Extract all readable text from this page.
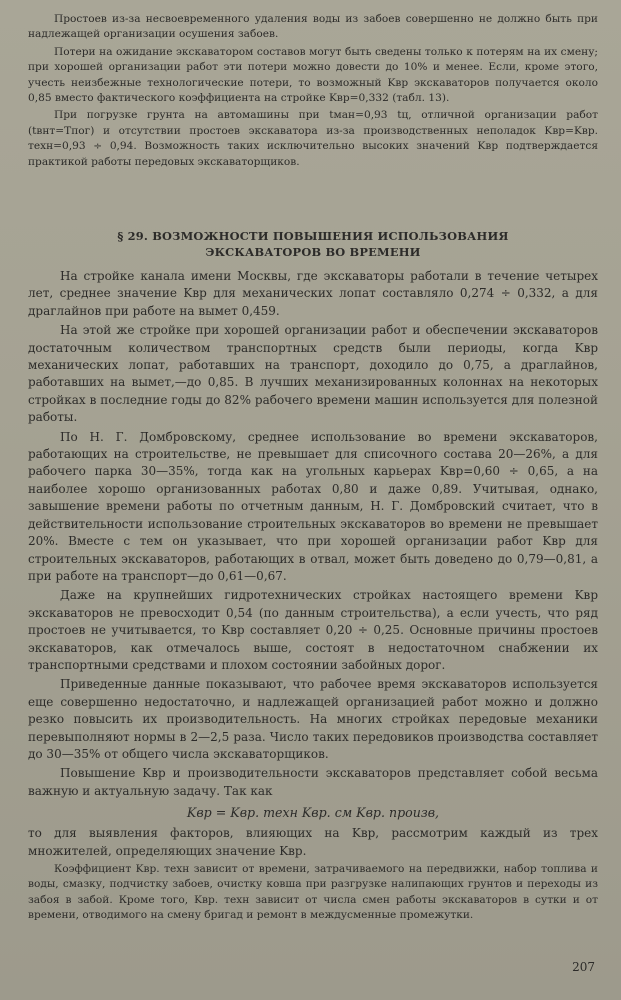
Простоев из-за несвоевременного удаления воды из забоев совершенно не должно быть при надлежащей организации осушения забоев.

Потери на ожидание экскаватором составов могут быть сведены только к потерям на их смену; при хорошей организации работ эти потери можно довести до 10% и менее. Если, кроме этого, учесть неизбежные технологические потери, то возможный Kвр экскаваторов получается около 0,85 вместо фактического коэффициента на стройке Kвр=0,332 (табл. 13).

При погрузке грунта на автомашины при tман=0,93 tц, отличной организации работ (tвнт=Tпог) и отсутствии простоев экскаватора из-за производственных неполадок Kвр=Kвр. техн=0,93 ÷ 0,94. Возможность таких исключительно высоких значений Kвр подтверждается практикой работы передовых экскаваторщиков.

§ 29. ВОЗМОЖНОСТИ ПОВЫШЕНИЯ ИСПОЛЬЗОВАНИЯ
ЭКСКАВАТОРОВ ВО ВРЕМЕНИ

На стройке канала имени Москвы, где экскаваторы работали в течение четырех лет, среднее значение Kвр для механических лопат составляло 0,274 ÷ 0,332, а для драглайнов при работе на вымет 0,459.

На этой же стройке при хорошей организации работ и обеспечении экскаваторов достаточным количеством транспортных средств были периоды, когда Kвр механических лопат, работавших на транспорт, доходило до 0,75, а драглайнов, работавших на вымет,—до 0,85. В лучших механизированных колоннах на некоторых стройках в последние годы до 82% рабочего времени машин используется для полезной работы.

По Н. Г. Домбровскому, среднее использование во времени экскаваторов, работающих на строительстве, не превышает для списочного состава 20—26%, а для рабочего парка 30—35%, тогда как на угольных карьерах Kвр=0,60 ÷ 0,65, а на наиболее хорошо организованных работах 0,80 и даже 0,89. Учитывая, однако, завышение времени работы по отчетным данным, Н. Г. Домбровский считает, что в действительности использование строительных экскаваторов во времени не превышает 20%. Вместе с тем он указывает, что при хорошей организации работ Kвр для строительных экскаваторов, работающих в отвал, может быть доведено до 0,79—0,81, а при работе на транспорт—до 0,61—0,67.

Даже на крупнейших гидротехнических стройках настоящего времени Kвр экскаваторов не превосходит 0,54 (по данным строительства), а если учесть, что ряд простоев не учитывается, то Kвр составляет 0,20 ÷ 0,25. Основные причины простоев экскаваторов, как отмечалось выше, состоят в недостаточном снабжении их транспортными средствами и плохом состоянии забойных дорог.

Приведенные данные показывают, что рабочее время экскаваторов используется еще совершенно недостаточно, и надлежащей организацией работ можно и должно резко повысить их производительность. На многих стройках передовые механики перевыполняют нормы в 2—2,5 раза. Число таких передовиков производства составляет до 30—35% от общего числа экскаваторщиков.

Повышение Kвр и производительности экскаваторов представляет собой весьма важную и актуальную задачу. Так как

Kвр = Kвр. техн Kвр. см Kвр. произв,

то для выявления факторов, влияющих на Kвр, рассмотрим каждый из трех множителей, определяющих значение Kвр.

Коэффициент Kвр. техн зависит от времени, затрачиваемого на передвижки, набор топлива и воды, смазку, подчистку забоев, очистку ковша при разгрузке налипающих грунтов и переходы из забоя в забой. Кроме того, Kвр. техн зависит от числа смен работы экскаваторов в сутки и от времени, отводимого на смену бригад и ремонт в междусменные промежутки.

207
